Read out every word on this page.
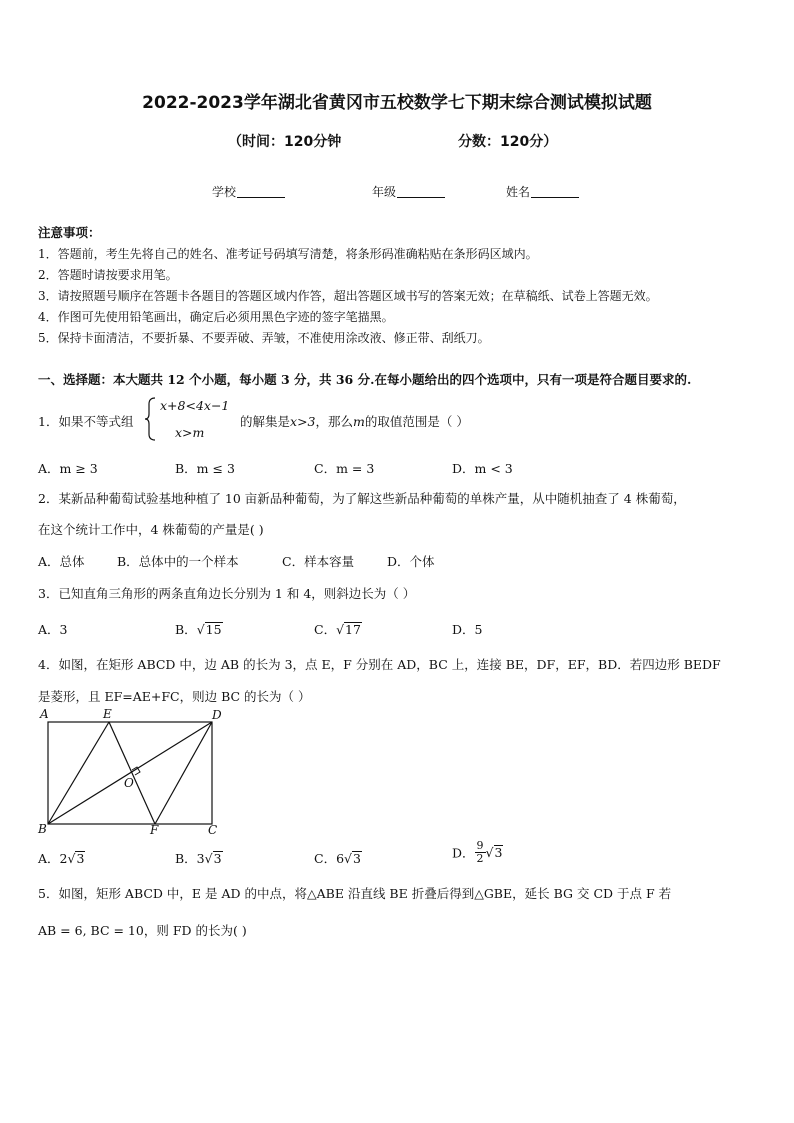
2022-2023学年湖北省黄冈市五校数学七下期末综合测试模拟试题
（时间：120分钟	分数：120分）
学校	年级	姓名
注意事项：
1．答题前，考生先将自己的姓名、准考证号码填写清楚，将条形码准确粘贴在条形码区域内。
2．答题时请按要求用笔。
3．请按照题号顺序在答题卡各题目的答题区域内作答，超出答题区域书写的答案无效；在草稿纸、试卷上答题无效。
4．作图可先使用铅笔画出，确定后必须用黑色字迹的签字笔描黑。
5．保持卡面清洁，不要折暴、不要弄破、弄皱，不准使用涂改液、修正带、刮纸刀。
一、选择题：本大题共 12 个小题，每小题 3 分，共 36 分.在每小题给出的四个选项中，只有一项是符合题目要求的.
1．如果不等式组
x+8<4x−1
x>m
的解集是x>3，那么m的取值范围是（ ）
A．m ≥ 3	B．m ≤ 3	C．m = 3	D．m < 3
2．某新品种葡萄试验基地种植了 10 亩新品种葡萄，为了解这些新品种葡萄的单株产量，从中随机抽查了 4 株葡萄，
在这个统计工作中，4 株葡萄的产量是( )
A．总体	B．总体中的一个样本	C．样本容量	D．个体
3．已知直角三角形的两条直角边长分别为 1 和 4，则斜边长为（ ）
A．3	B．√15	C．√17	D．5
4．如图，在矩形 ABCD 中，边 AB 的长为 3，点 E，F 分别在 AD，BC 上，连接 BE，DF，EF，BD．若四边形 BEDF
是菱形，且 EF=AE+FC，则边 BC 的长为（ ）
A	E	D
O
B	F	C
A．2√3	B．3√3	C．6√3	D． $\frac{9}{2} √3$
5．如图，矩形 ABCD 中，E 是 AD 的中点，将△ABE 沿直线 BE 折叠后得到△GBE，延长 BG 交 CD 于点 F 若
AB = 6, BC = 10，则 FD 的长为( )
